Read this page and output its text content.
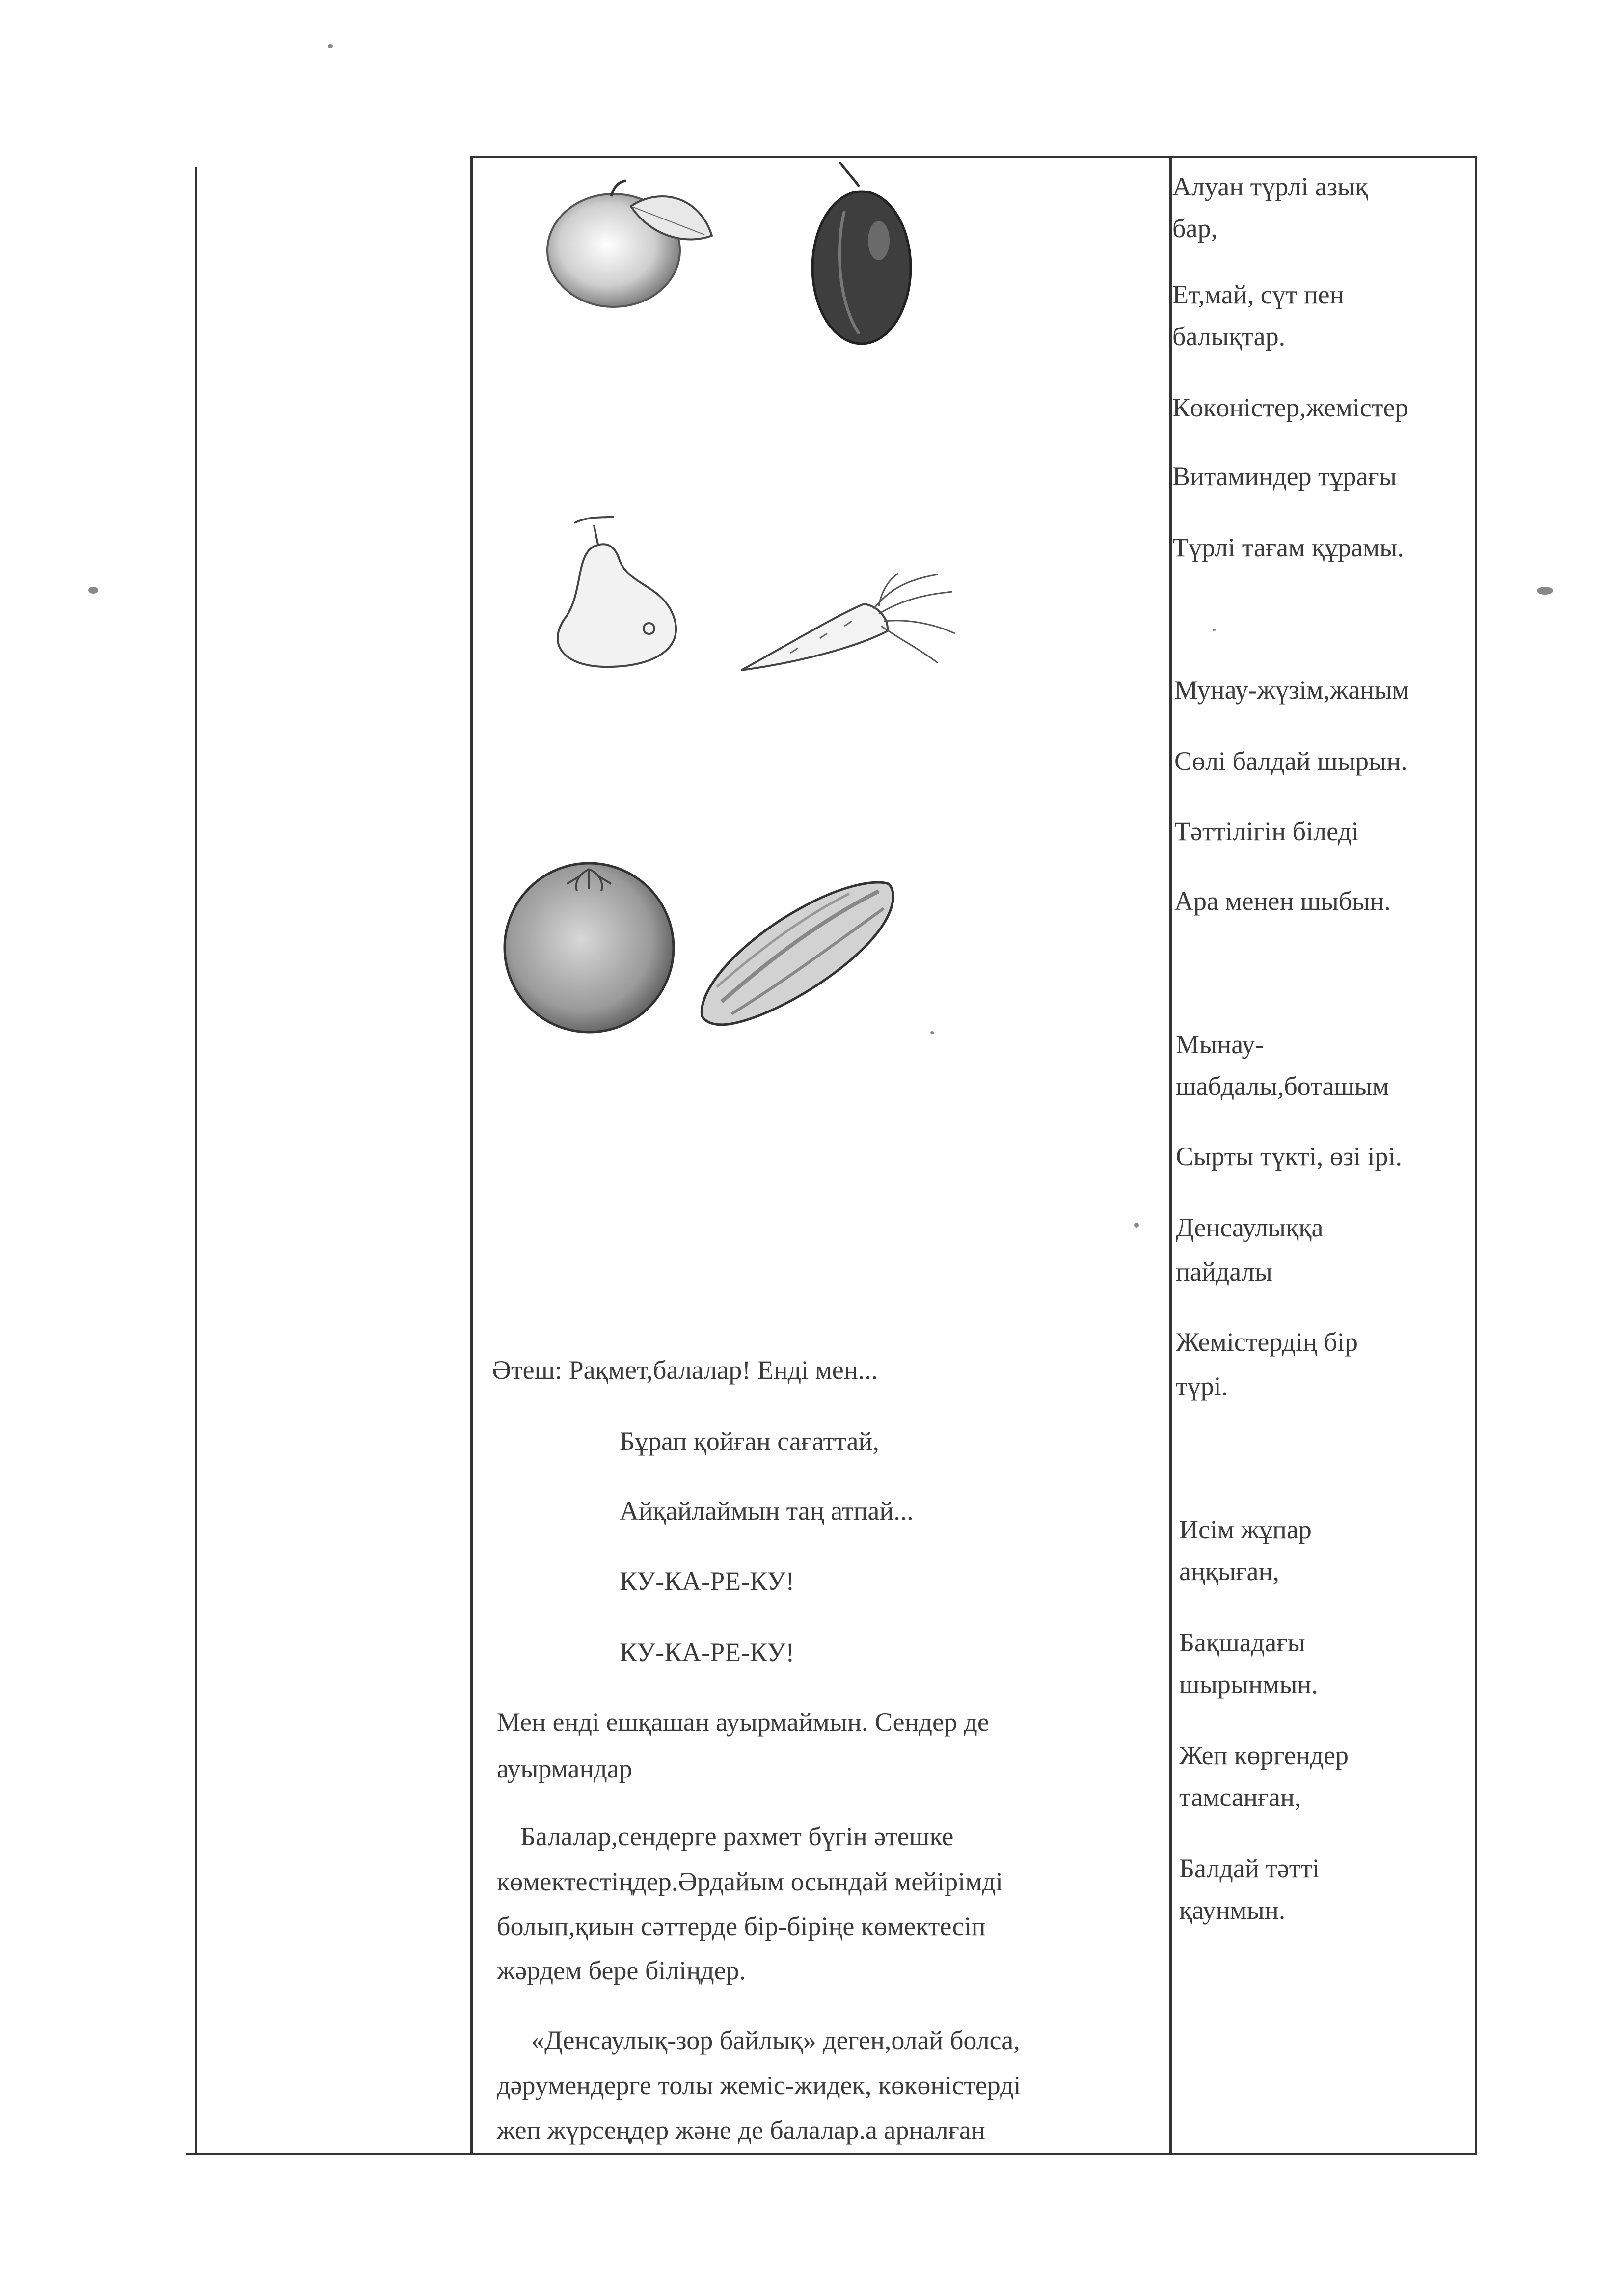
Әтеш: Рақмет,балалар! Енді мен...
Бұрап қойған сағаттай,
Айқайлаймын таң атпай...
КУ-КА-РЕ-КУ!
КУ-КА-РЕ-КУ!
Мен енді ешқашан ауырмаймын. Сендер де
ауырмандар
Балалар,сендерге рахмет бүгін әтешке
көмектестіңдер.Әрдайым осындай мейірімді
болып,қиын сәттерде бір-біріңе көмектесіп
жәрдем бере біліңдер.
«Денсаулық-зор байлық» деген,олай болса,
дәрумендерге толы жеміс-жидек, көкөністерді
жеп жүрсеңдер және де балалар.а арналған
Алуан түрлі азық
бар,
Ет,май, сүт пен
балықтар.
Көкөністер,жемістер
Витаминдер тұрағы
Түрлі тағам құрамы.
Мунау-жүзім,жаным
Сөлі балдай шырын.
Тәттілігін біледі
Ара менен шыбын.
Мынау-
шабдалы,боташым
Сырты түкті, өзі ірі.
Денсаулыққа
пайдалы
Жемістердің бір
түрі.
Исім жұпар
аңқыған,
Бақшадағы
шырынмын.
Жеп көргендер
тамсанған,
Балдай тәтті
қаунмын.
